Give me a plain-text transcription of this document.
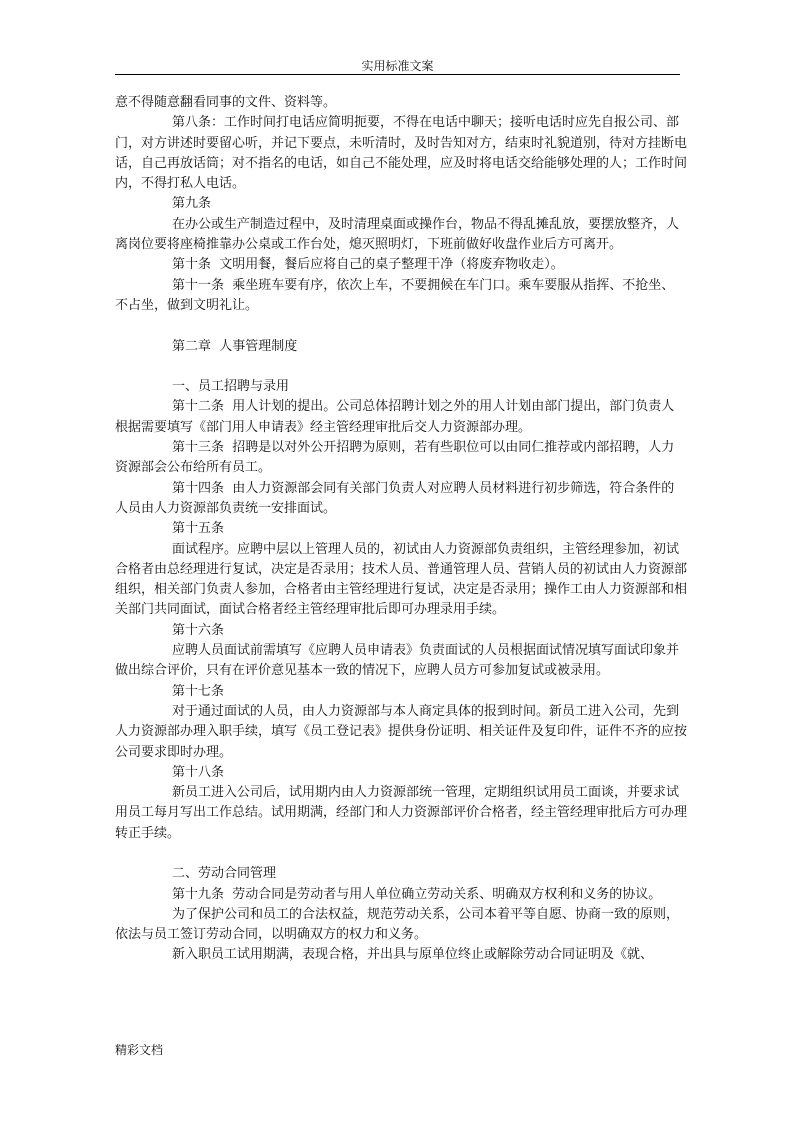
实用标准文案

意不得随意翻看同事的文件、资料等。

第八条：工作时间打电话应简明扼要，不得在电话中聊天；接听电话时应先自报公司、部门，对方讲述时要留心听，并记下要点，未听清时，及时告知对方，结束时礼貌道别，待对方挂断电话，自己再放话筒；对不指名的电话，如自己不能处理，应及时将电话交给能够处理的人；工作时间内，不得打私人电话。

第九条

在办公或生产制造过程中，及时清理桌面或操作台，物品不得乱摊乱放，要摆放整齐，人离岗位要将座椅推靠办公桌或工作台处，熄灭照明灯，下班前做好收盘作业后方可离开。

第十条  文明用餐，餐后应将自己的桌子整理干净（将废弃物收走）。

第十一条  乘坐班车要有序，依次上车，不要拥候在车门口。乘车要服从指挥、不抢坐、不占坐，做到文明礼让。

第二章  人事管理制度

一、员工招聘与录用

第十二条  用人计划的提出。公司总体招聘计划之外的用人计划由部门提出，部门负责人根据需要填写《部门用人申请表》经主管经理审批后交人力资源部办理。

第十三条  招聘是以对外公开招聘为原则，若有些职位可以由同仁推荐或内部招聘，人力资源部会公布给所有员工。

第十四条  由人力资源部会同有关部门负责人对应聘人员材料进行初步筛选，符合条件的人员由人力资源部负责统一安排面试。

第十五条

面试程序。应聘中层以上管理人员的，初试由人力资源部负责组织，主管经理参加，初试合格者由总经理进行复试，决定是否录用；技术人员、普通管理人员、营销人员的初试由人力资源部组织，相关部门负责人参加，合格者由主管经理进行复试，决定是否录用；操作工由人力资源部和相关部门共同面试，面试合格者经主管经理审批后即可办理录用手续。

第十六条

应聘人员面试前需填写《应聘人员申请表》负责面试的人员根据面试情况填写面试印象并做出综合评价，只有在评价意见基本一致的情况下，应聘人员方可参加复试或被录用。

第十七条

对于通过面试的人员，由人力资源部与本人商定具体的报到时间。新员工进入公司，先到人力资源部办理入职手续，填写《员工登记表》提供身份证明、相关证件及复印件，证件不齐的应按公司要求即时办理。

第十八条

新员工进入公司后，试用期内由人力资源部统一管理，定期组织试用员工面谈，并要求试用员工每月写出工作总结。试用期满，经部门和人力资源部评价合格者，经主管经理审批后方可办理转正手续。

二、劳动合同管理

第十九条  劳动合同是劳动者与用人单位确立劳动关系、明确双方权利和义务的协议。

为了保护公司和员工的合法权益，规范劳动关系，公司本着平等自愿、协商一致的原则，依法与员工签订劳动合同，以明确双方的权力和义务。

新入职员工试用期满，表现合格，并出具与原单位终止或解除劳动合同证明及《就、

精彩文档
